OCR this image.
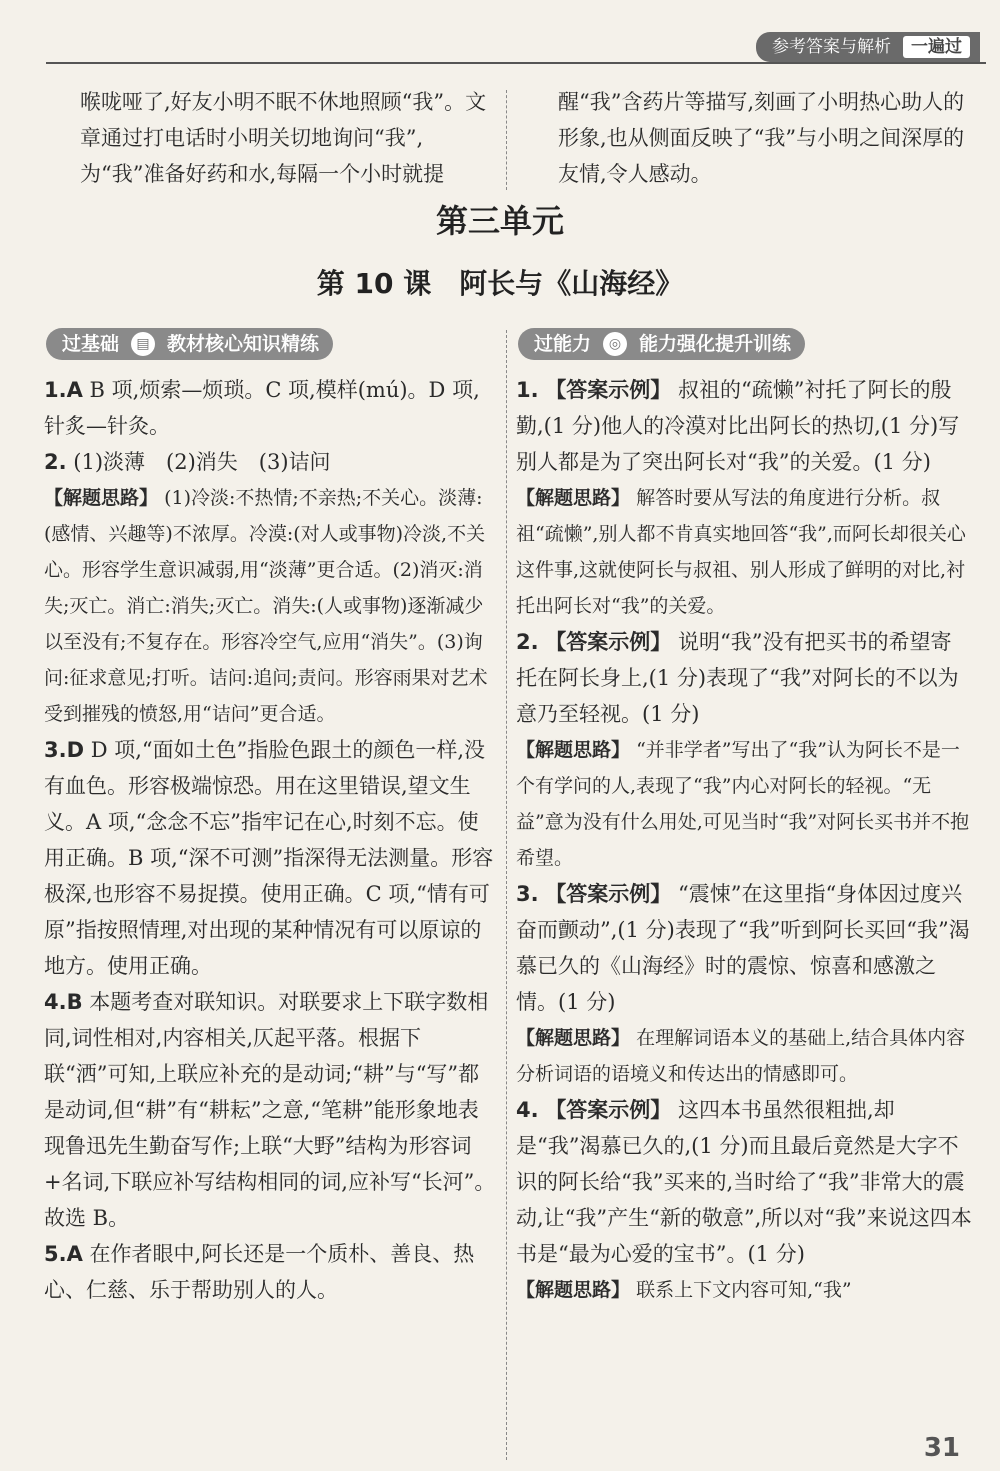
参考答案与解析	一遍过

喉咙哑了,好友小明不眠不休地照顾“我”。文章通过打电话时小明关切地询问“我”,为“我”准备好药和水,每隔一个小时就提

醒“我”含药片等描写,刻画了小明热心助人的形象,也从侧面反映了“我”与小明之间深厚的友情,令人感动。

第三单元
第 10 课　阿长与《山海经》
过基础	▤ 教材核心知识精练	过能力	◎ 能力强化提升训练

1.A B 项,烦索—烦琐。C 项,模样(mú)。D 项,针炙—针灸。

2. (1)淡薄　(2)消失　(3)诘问

【解题思路】 (1)冷淡:不热情;不亲热;不关心。淡薄:(感情、兴趣等)不浓厚。冷漠:(对人或事物)冷淡,不关心。形容学生意识减弱,用“淡薄”更合适。(2)消灭:消失;灭亡。消亡:消失;灭亡。消失:(人或事物)逐渐减少以至没有;不复存在。形容冷空气,应用“消失”。(3)询问:征求意见;打听。诘问:追问;责问。形容雨果对艺术受到摧残的愤怒,用“诘问”更合适。

3.D D 项,“面如土色”指脸色跟土的颜色一样,没有血色。形容极端惊恐。用在这里错误,望文生义。A 项,“念念不忘”指牢记在心,时刻不忘。使用正确。B 项,“深不可测”指深得无法测量。形容极深,也形容不易捉摸。使用正确。C 项,“情有可原”指按照情理,对出现的某种情况有可以原谅的地方。使用正确。

4.B 本题考查对联知识。对联要求上下联字数相同,词性相对,内容相关,仄起平落。根据下联“洒”可知,上联应补充的是动词;“耕”与“写”都是动词,但“耕”有“耕耘”之意,“笔耕”能形象地表现鲁迅先生勤奋写作;上联“大野”结构为形容词+名词,下联应补写结构相同的词,应补写“长河”。故选 B。

5.A 在作者眼中,阿长还是一个质朴、善良、热心、仁慈、乐于帮助别人的人。

1. 【答案示例】 叔祖的“疏懒”衬托了阿长的殷勤,(1 分)他人的冷漠对比出阿长的热切,(1 分)写别人都是为了突出阿长对“我”的关爱。(1 分)

【解题思路】 解答时要从写法的角度进行分析。叔祖“疏懒”,别人都不肯真实地回答“我”,而阿长却很关心这件事,这就使阿长与叔祖、别人形成了鲜明的对比,衬托出阿长对“我”的关爱。

2. 【答案示例】 说明“我”没有把买书的希望寄托在阿长身上,(1 分)表现了“我”对阿长的不以为意乃至轻视。(1 分)

【解题思路】 “并非学者”写出了“我”认为阿长不是一个有学问的人,表现了“我”内心对阿长的轻视。“无益”意为没有什么用处,可见当时“我”对阿长买书并不抱希望。

3. 【答案示例】 “震悚”在这里指“身体因过度兴奋而颤动”,(1 分)表现了“我”听到阿长买回“我”渴慕已久的《山海经》时的震惊、惊喜和感激之情。(1 分)

【解题思路】 在理解词语本义的基础上,结合具体内容分析词语的语境义和传达出的情感即可。

4. 【答案示例】 这四本书虽然很粗拙,却是“我”渴慕已久的,(1 分)而且最后竟然是大字不识的阿长给“我”买来的,当时给了“我”非常大的震动,让“我”产生“新的敬意”,所以对“我”来说这四本书是“最为心爱的宝书”。(1 分)

【解题思路】 联系上下文内容可知,“我”

31
